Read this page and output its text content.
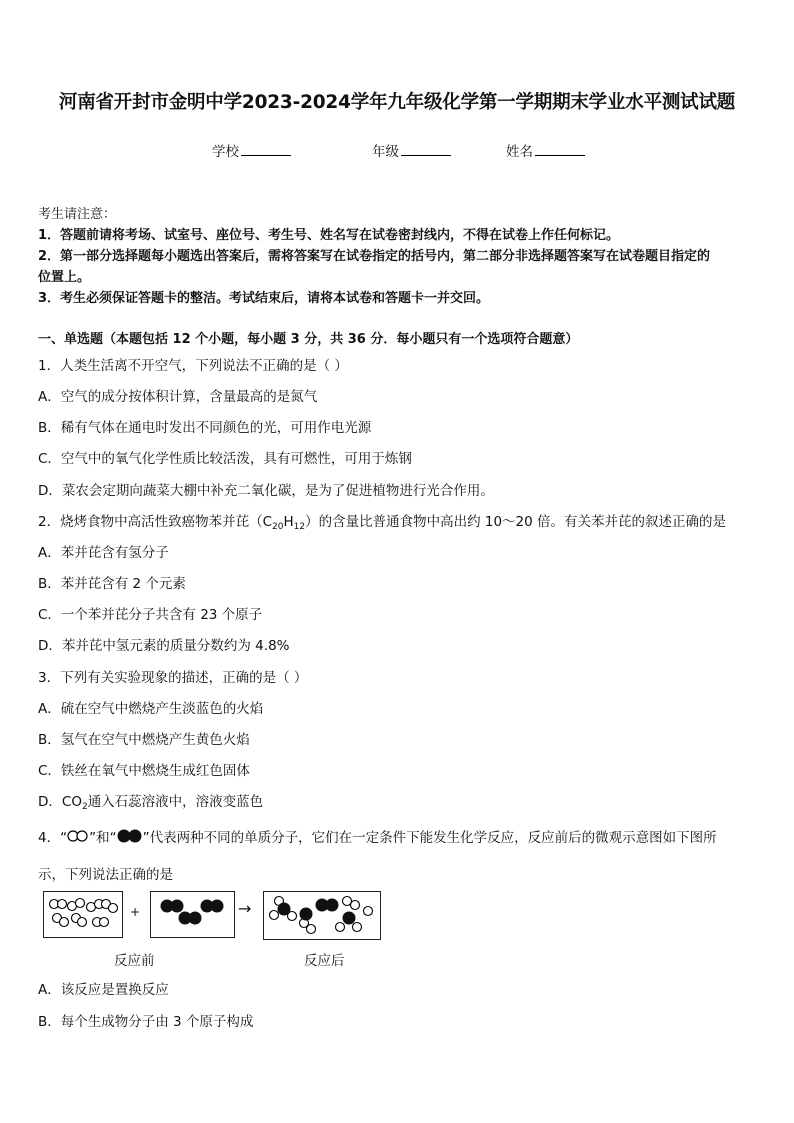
河南省开封市金明中学2023-2024学年九年级化学第一学期期末学业水平测试试题
学校	年级	姓名
考生请注意：
1．答题前请将考场、试室号、座位号、考生号、姓名写在试卷密封线内，不得在试卷上作任何标记。
2．第一部分选择题每小题选出答案后，需将答案写在试卷指定的括号内，第二部分非选择题答案写在试卷题目指定的
位置上。
3．考生必须保证答题卡的整洁。考试结束后，请将本试卷和答题卡一并交回。
一、单选题（本题包括 12 个小题，每小题 3 分，共 36 分．每小题只有一个选项符合题意）
1．人类生活离不开空气，下列说法不正确的是（ ）
A．空气的成分按体积计算，含量最高的是氮气
B．稀有气体在通电时发出不同颜色的光，可用作电光源
C．空气中的氧气化学性质比较活泼，具有可燃性，可用于炼钢
D．菜农会定期向蔬菜大棚中补充二氧化碳，是为了促进植物进行光合作用。
2．烧烤食物中高活性致癌物苯并芘$(C_{20}H_{12})$的含量比普通食物中高出约 10～20 倍。有关苯并芘的叙述正确的是
A．苯并芘含有氢分子
B．苯并芘含有 2 个元素
C．一个苯并芘分子共含有 23 个原子
D．苯并芘中氢元素的质量分数约为 4.8%
3．下列有关实验现象的描述，正确的是（ ）
A．硫在空气中燃烧产生淡蓝色的火焰
B．氢气在空气中燃烧产生黄色火焰
C．铁丝在氧气中燃烧生成红色固体
D．$CO_2$通入石蕊溶液中，溶液变蓝色
4．“ ”和“ ”代表两种不同的单质分子，它们在一定条件下能发生化学反应，反应前后的微观示意图如下图所
示，下列说法正确的是
+	→
反应前	反应后
A．该反应是置换反应
B．每个生成物分子由 3 个原子构成
